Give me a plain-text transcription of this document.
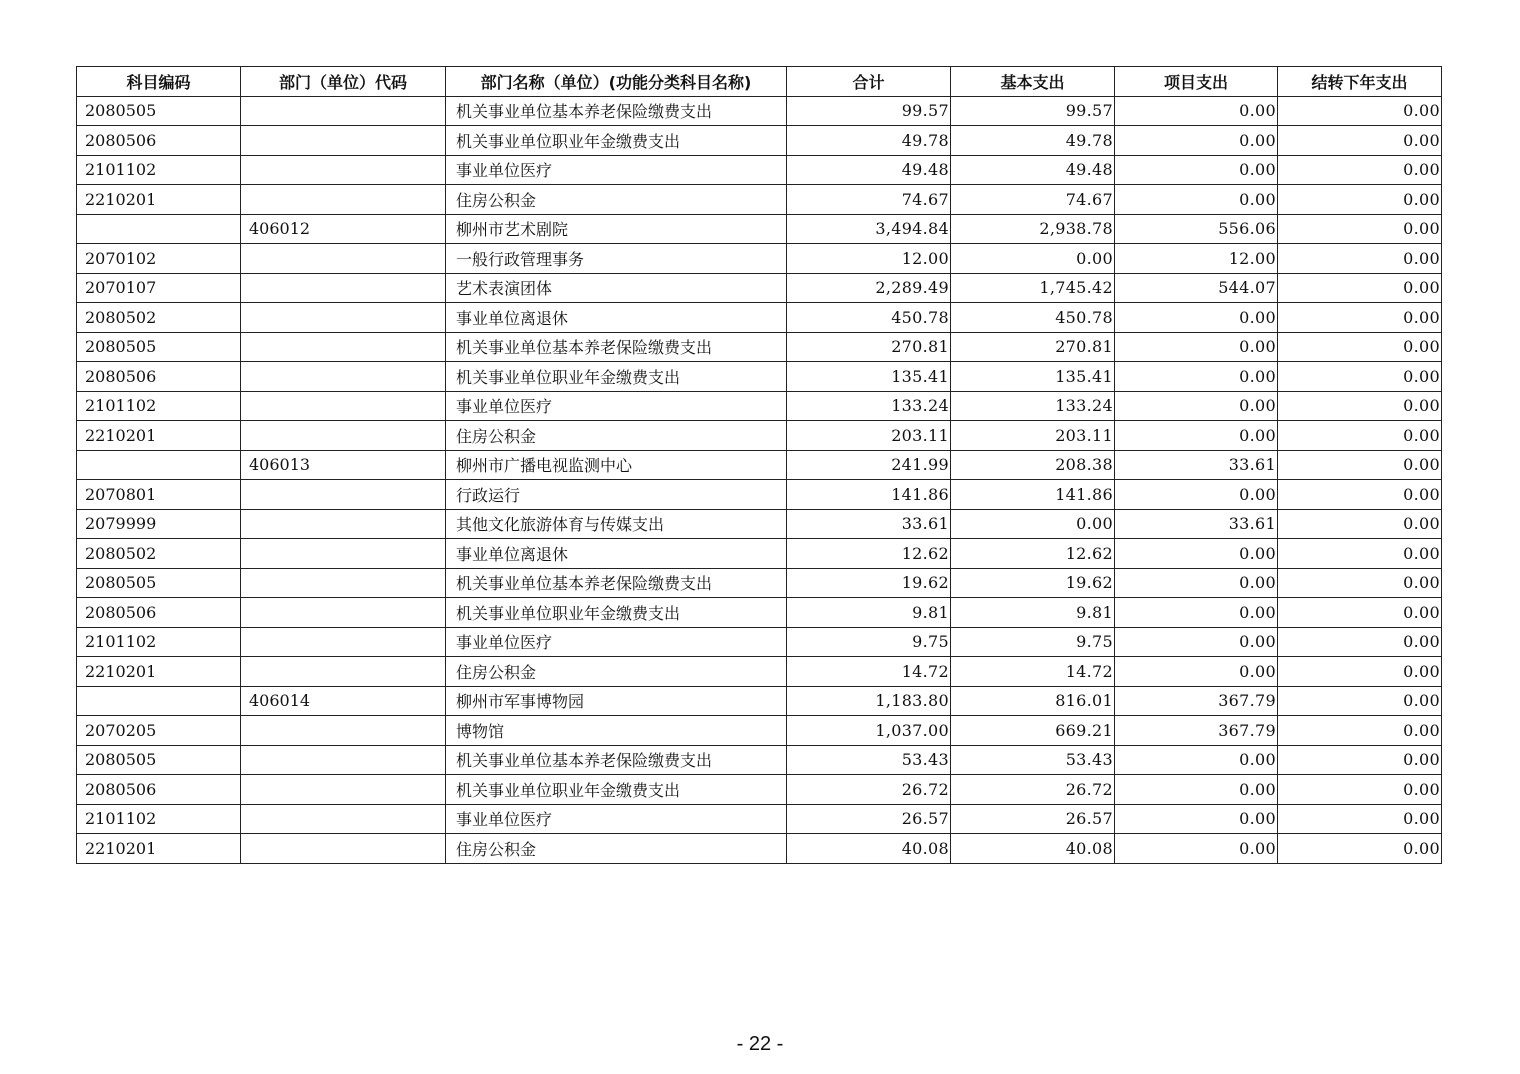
科目编码	部门（单位）代码	部门名称（单位）(功能分类科目名称)	合计	基本支出	项目支出	结转下年支出
2080505		机关事业单位基本养老保险缴费支出	99.57	99.57	0.00	0.00
2080506		机关事业单位职业年金缴费支出	49.78	49.78	0.00	0.00
2101102		事业单位医疗	49.48	49.48	0.00	0.00
2210201		住房公积金	74.67	74.67	0.00	0.00
	406012	柳州市艺术剧院	3,494.84	2,938.78	556.06	0.00
2070102		一般行政管理事务	12.00	0.00	12.00	0.00
2070107		艺术表演团体	2,289.49	1,745.42	544.07	0.00
2080502		事业单位离退休	450.78	450.78	0.00	0.00
2080505		机关事业单位基本养老保险缴费支出	270.81	270.81	0.00	0.00
2080506		机关事业单位职业年金缴费支出	135.41	135.41	0.00	0.00
2101102		事业单位医疗	133.24	133.24	0.00	0.00
2210201		住房公积金	203.11	203.11	0.00	0.00
	406013	柳州市广播电视监测中心	241.99	208.38	33.61	0.00
2070801		行政运行	141.86	141.86	0.00	0.00
2079999		其他文化旅游体育与传媒支出	33.61	0.00	33.61	0.00
2080502		事业单位离退休	12.62	12.62	0.00	0.00
2080505		机关事业单位基本养老保险缴费支出	19.62	19.62	0.00	0.00
2080506		机关事业单位职业年金缴费支出	9.81	9.81	0.00	0.00
2101102		事业单位医疗	9.75	9.75	0.00	0.00
2210201		住房公积金	14.72	14.72	0.00	0.00
	406014	柳州市军事博物园	1,183.80	816.01	367.79	0.00
2070205		博物馆	1,037.00	669.21	367.79	0.00
2080505		机关事业单位基本养老保险缴费支出	53.43	53.43	0.00	0.00
2080506		机关事业单位职业年金缴费支出	26.72	26.72	0.00	0.00
2101102		事业单位医疗	26.57	26.57	0.00	0.00
2210201		住房公积金	40.08	40.08	0.00	0.00
- 22 -
